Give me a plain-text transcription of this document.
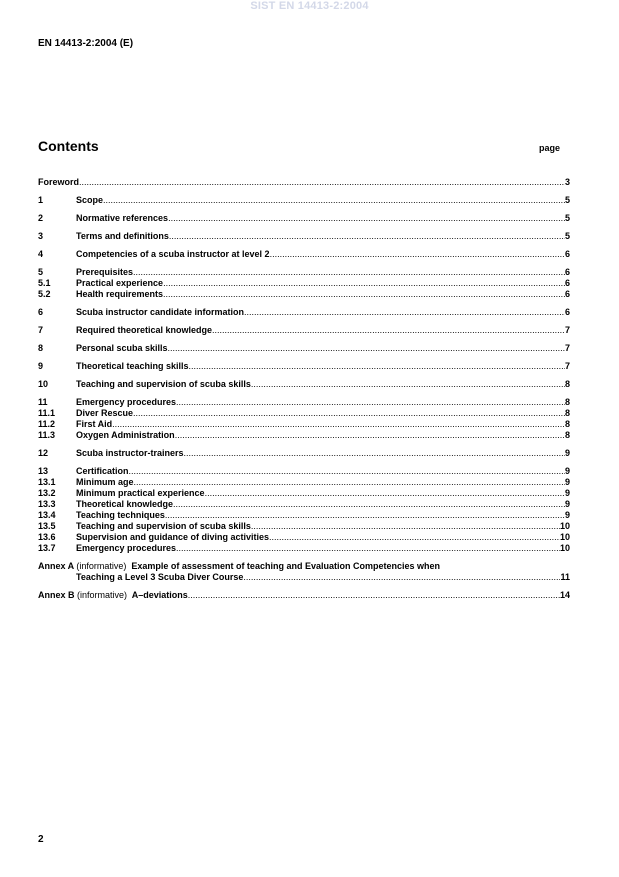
SIST EN 14413-2:2004
EN 14413-2:2004 (E)
Contents	page
Foreword .....	3
1	Scope .....	5
2	Normative references .....	5
3	Terms and definitions .....	5
4	Competencies of a scuba instructor at level 2 .....	6
5	Prerequisites .....	6
5.1	Practical experience .....	6
5.2	Health requirements .....	6
6	Scuba instructor candidate information .....	6
7	Required theoretical knowledge .....	7
8	Personal scuba skills .....	7
9	Theoretical teaching skills .....	7
10	Teaching and supervision of scuba skills .....	8
11	Emergency procedures .....	8
11.1 Diver Rescue .....	8
11.2 First Aid .....	8
11.3 Oxygen Administration .....	8
12	Scuba instructor-trainers .....	9
13	Certification .....	9
13.1 Minimum age .....	9
13.2 Minimum practical experience .....	9
13.3 Theoretical knowledge .....	9
13.4 Teaching techniques .....	9
13.5 Teaching and supervision of scuba skills .....	10
13.6 Supervision and guidance of diving activities .....	10
13.7 Emergency procedures .....	10
Annex A (informative) Example of assessment of teaching and Evaluation Competencies when
Teaching a Level 3 Scuba Diver Course .....	11
Annex B (informative) A–deviations .....	14
2
